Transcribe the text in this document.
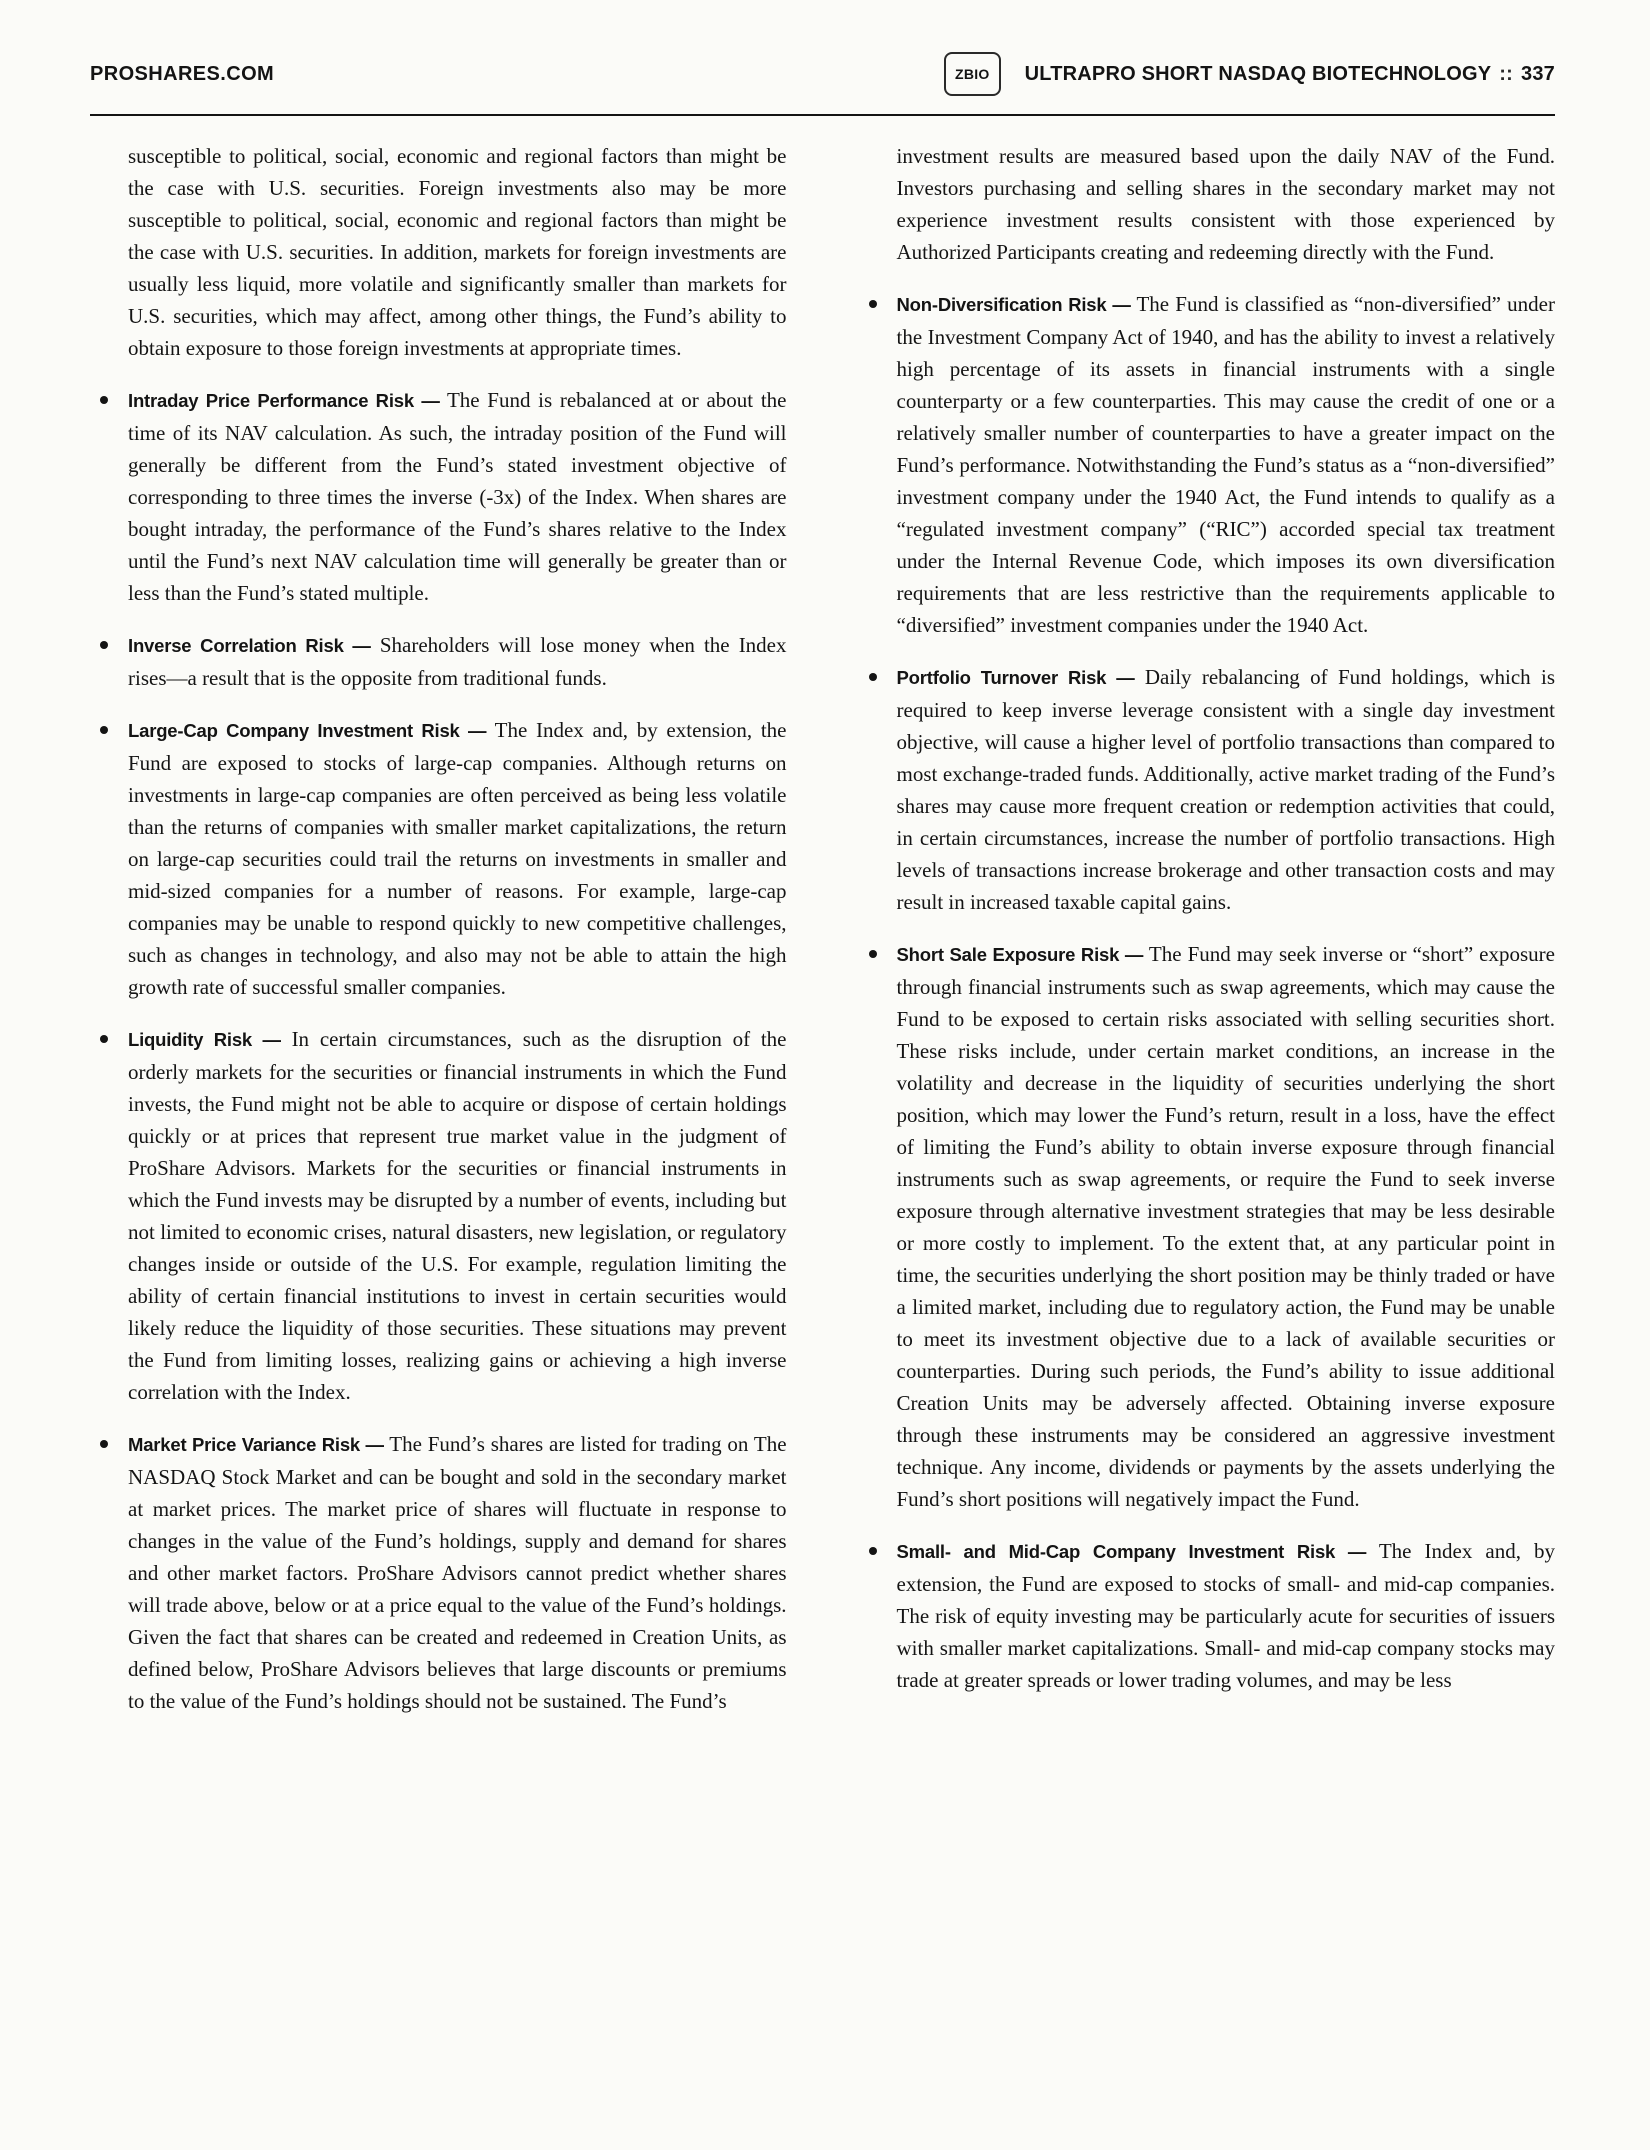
PROSHARES.COM	ZBIO	ULTRAPRO SHORT NASDAQ BIOTECHNOLOGY :: 337

susceptible to political, social, economic and regional factors than might be the case with U.S. securities. Foreign investments also may be more susceptible to political, social, economic and regional factors than might be the case with U.S. securities. In addition, markets for foreign investments are usually less liquid, more volatile and significantly smaller than markets for U.S. securities, which may affect, among other things, the Fund’s ability to obtain exposure to those foreign investments at appropriate times.

Intraday Price Performance Risk — The Fund is rebalanced at or about the time of its NAV calculation. As such, the intraday position of the Fund will generally be different from the Fund’s stated investment objective of corresponding to three times the inverse (-3x) of the Index. When shares are bought intraday, the performance of the Fund’s shares relative to the Index until the Fund’s next NAV calculation time will generally be greater than or less than the Fund’s stated multiple.
Inverse Correlation Risk — Shareholders will lose money when the Index rises—a result that is the opposite from traditional funds.
Large-Cap Company Investment Risk — The Index and, by extension, the Fund are exposed to stocks of large-cap companies. Although returns on investments in large-cap companies are often perceived as being less volatile than the returns of companies with smaller market capitalizations, the return on large-cap securities could trail the returns on investments in smaller and mid-sized companies for a number of reasons. For example, large-cap companies may be unable to respond quickly to new competitive challenges, such as changes in technology, and also may not be able to attain the high growth rate of successful smaller companies.
Liquidity Risk — In certain circumstances, such as the disruption of the orderly markets for the securities or financial instruments in which the Fund invests, the Fund might not be able to acquire or dispose of certain holdings quickly or at prices that represent true market value in the judgment of ProShare Advisors. Markets for the securities or financial instruments in which the Fund invests may be disrupted by a number of events, including but not limited to economic crises, natural disasters, new legislation, or regulatory changes inside or outside of the U.S. For example, regulation limiting the ability of certain financial institutions to invest in certain securities would likely reduce the liquidity of those securities. These situations may prevent the Fund from limiting losses, realizing gains or achieving a high inverse correlation with the Index.
Market Price Variance Risk — The Fund’s shares are listed for trading on The NASDAQ Stock Market and can be bought and sold in the secondary market at market prices. The market price of shares will fluctuate in response to changes in the value of the Fund’s holdings, supply and demand for shares and other market factors. ProShare Advisors cannot predict whether shares will trade above, below or at a price equal to the value of the Fund’s holdings. Given the fact that shares can be created and redeemed in Creation Units, as defined below, ProShare Advisors believes that large discounts or premiums to the value of the Fund’s holdings should not be sustained. The Fund’s

investment results are measured based upon the daily NAV of the Fund. Investors purchasing and selling shares in the secondary market may not experience investment results consistent with those experienced by Authorized Participants creating and redeeming directly with the Fund.

Non-Diversification Risk — The Fund is classified as “non-diversified” under the Investment Company Act of 1940, and has the ability to invest a relatively high percentage of its assets in financial instruments with a single counterparty or a few counterparties. This may cause the credit of one or a relatively smaller number of counterparties to have a greater impact on the Fund’s performance. Notwithstanding the Fund’s status as a “non-diversified” investment company under the 1940 Act, the Fund intends to qualify as a “regulated investment company” (“RIC”) accorded special tax treatment under the Internal Revenue Code, which imposes its own diversification requirements that are less restrictive than the requirements applicable to “diversified” investment companies under the 1940 Act.
Portfolio Turnover Risk — Daily rebalancing of Fund holdings, which is required to keep inverse leverage consistent with a single day investment objective, will cause a higher level of portfolio transactions than compared to most exchange-traded funds. Additionally, active market trading of the Fund’s shares may cause more frequent creation or redemption activities that could, in certain circumstances, increase the number of portfolio transactions. High levels of transactions increase brokerage and other transaction costs and may result in increased taxable capital gains.
Short Sale Exposure Risk — The Fund may seek inverse or “short” exposure through financial instruments such as swap agreements, which may cause the Fund to be exposed to certain risks associated with selling securities short. These risks include, under certain market conditions, an increase in the volatility and decrease in the liquidity of securities underlying the short position, which may lower the Fund’s return, result in a loss, have the effect of limiting the Fund’s ability to obtain inverse exposure through financial instruments such as swap agreements, or require the Fund to seek inverse exposure through alternative investment strategies that may be less desirable or more costly to implement. To the extent that, at any particular point in time, the securities underlying the short position may be thinly traded or have a limited market, including due to regulatory action, the Fund may be unable to meet its investment objective due to a lack of available securities or counterparties. During such periods, the Fund’s ability to issue additional Creation Units may be adversely affected. Obtaining inverse exposure through these instruments may be considered an aggressive investment technique. Any income, dividends or payments by the assets underlying the Fund’s short positions will negatively impact the Fund.
Small- and Mid-Cap Company Investment Risk — The Index and, by extension, the Fund are exposed to stocks of small- and mid-cap companies. The risk of equity investing may be particularly acute for securities of issuers with smaller market capitalizations. Small- and mid-cap company stocks may trade at greater spreads or lower trading volumes, and may be less
